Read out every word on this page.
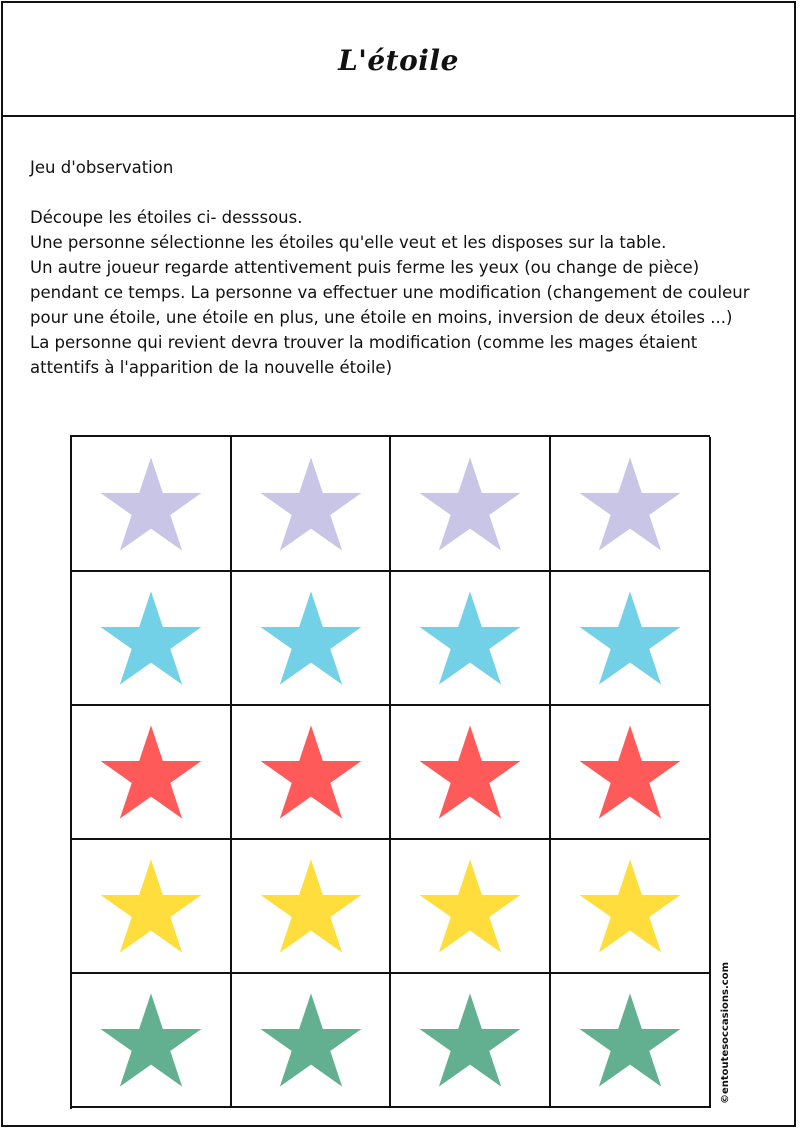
L'étoile

Jeu d'observation

Découpe les étoiles ci- desssous.

Une personne sélectionne les étoiles qu'elle veut et les disposes sur la table.

Un autre joueur regarde attentivement puis ferme les yeux (ou change de pièce)

pendant ce temps. La personne va effectuer une modification (changement de couleur

pour une étoile, une étoile en plus, une étoile en moins, inversion de deux étoiles ...)

La personne qui revient devra trouver la modification (comme les mages étaient

attentifs à l'apparition de la nouvelle étoile)

©entoutesoccasions.com
